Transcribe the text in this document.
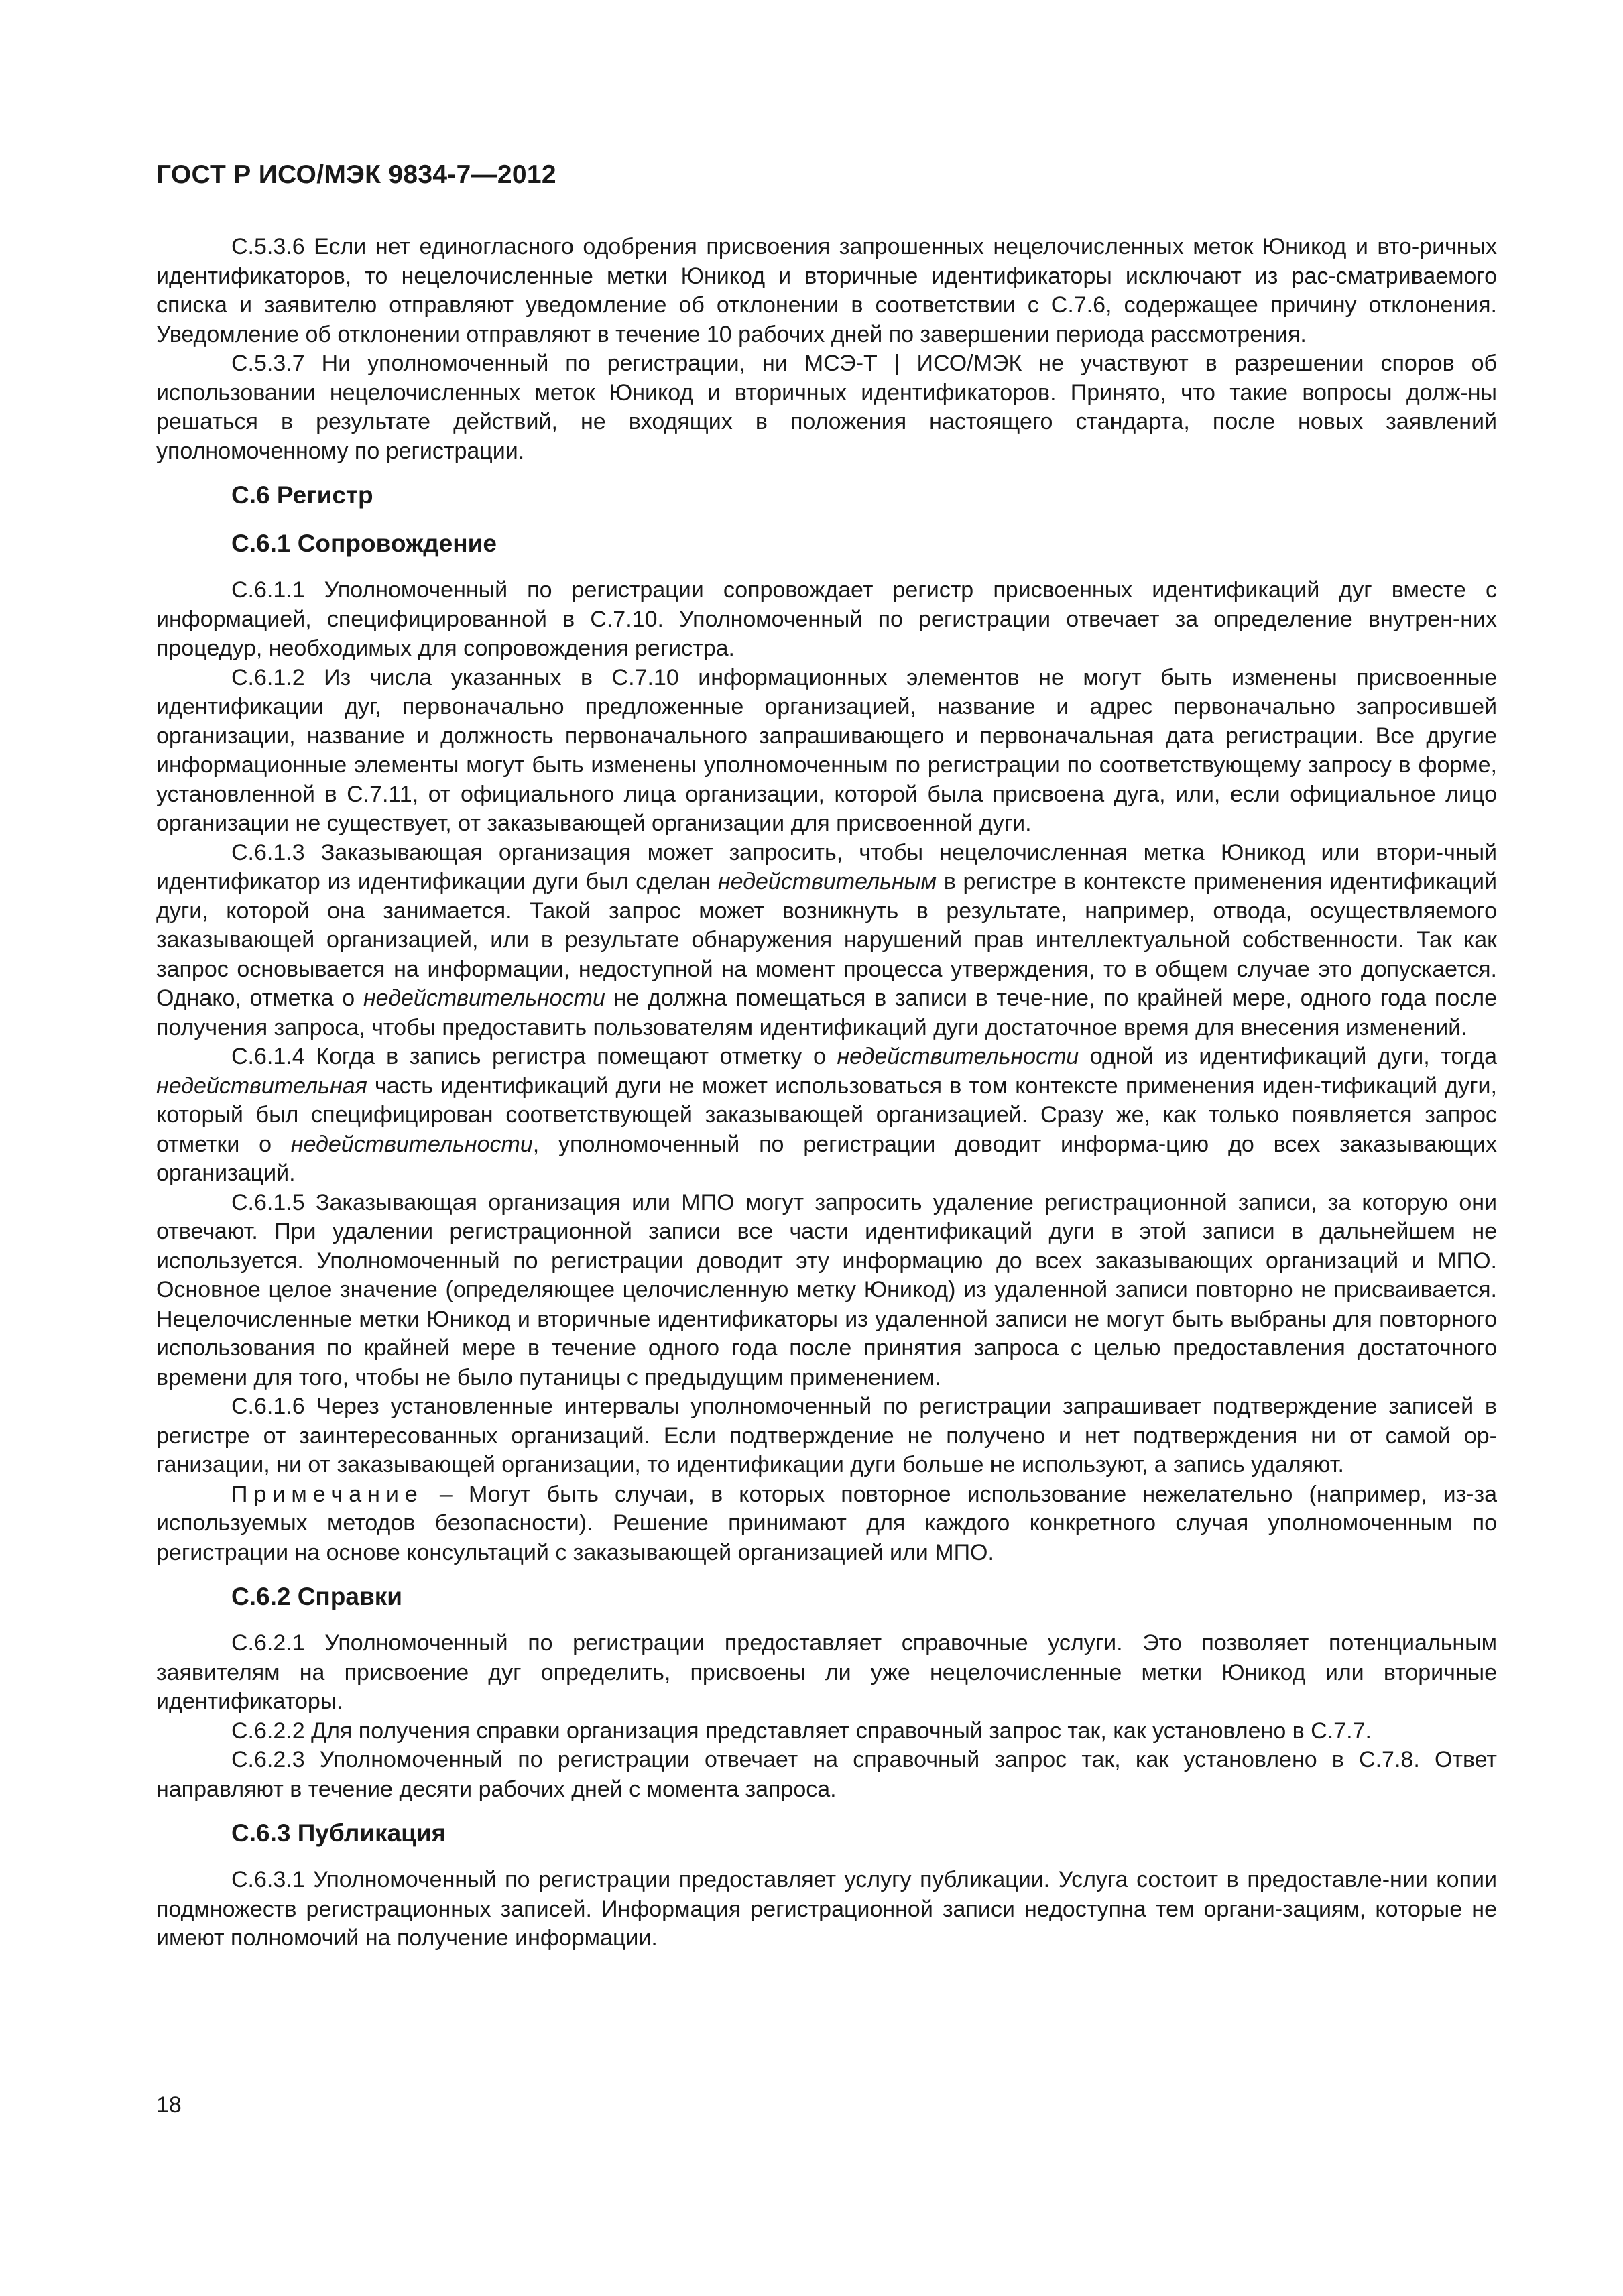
ГОСТ Р ИСО/МЭК 9834-7—2012

С.5.3.6 Если нет единогласного одобрения присвоения запрошенных нецелочисленных меток Юникод и вто-ричных идентификаторов, то нецелочисленные метки Юникод и вторичные идентификаторы исключают из рас-сматриваемого списка и заявителю отправляют уведомление об отклонении в соответствии с С.7.6, содержащее причину отклонения. Уведомление об отклонении отправляют в течение 10 рабочих дней по завершении периода рассмотрения.

С.5.3.7 Ни уполномоченный по регистрации, ни МСЭ-Т | ИСО/МЭК не участвуют в разрешении споров об использовании нецелочисленных меток Юникод и вторичных идентификаторов. Принято, что такие вопросы долж-ны решаться в результате действий, не входящих в положения настоящего стандарта, после новых заявлений уполномоченному по регистрации.

С.6 Регистр
С.6.1 Сопровождение

С.6.1.1 Уполномоченный по регистрации сопровождает регистр присвоенных идентификаций дуг вместе с информацией, специфицированной в С.7.10. Уполномоченный по регистрации отвечает за определение внутрен-них процедур, необходимых для сопровождения регистра.

С.6.1.2 Из числа указанных в С.7.10 информационных элементов не могут быть изменены присвоенные идентификации дуг, первоначально предложенные организацией, название и адрес первоначально запросившей организации, название и должность первоначального запрашивающего и первоначальная дата регистрации. Все другие информационные элементы могут быть изменены уполномоченным по регистрации по соответствующему запросу в форме, установленной в С.7.11, от официального лица организации, которой была присвоена дуга, или, если официальное лицо организации не существует, от заказывающей организации для присвоенной дуги.

С.6.1.3 Заказывающая организация может запросить, чтобы нецелочисленная метка Юникод или втори-чный идентификатор из идентификации дуги был сделан недействительным в регистре в контексте применения идентификаций дуги, которой она занимается. Такой запрос может возникнуть в результате, например, отвода, осуществляемого заказывающей организацией, или в результате обнаружения нарушений прав интеллектуальной собственности. Так как запрос основывается на информации, недоступной на момент процесса утверждения, то в общем случае это допускается. Однако, отметка о недействительности не должна помещаться в записи в тече-ние, по крайней мере, одного года после получения запроса, чтобы предоставить пользователям идентификаций дуги достаточное время для внесения изменений.

С.6.1.4 Когда в запись регистра помещают отметку о недействительности одной из идентификаций дуги, тогда недействительная часть идентификаций дуги не может использоваться в том контексте применения иден-тификаций дуги, который был специфицирован соответствующей заказывающей организацией. Сразу же, как только появляется запрос отметки о недействительности, уполномоченный по регистрации доводит информа-цию до всех заказывающих организаций.

С.6.1.5 Заказывающая организация или МПО могут запросить удаление регистрационной записи, за которую они отвечают. При удалении регистрационной записи все части идентификаций дуги в этой записи в дальнейшем не используется. Уполномоченный по регистрации доводит эту информацию до всех заказывающих организаций и МПО. Основное целое значение (определяющее целочисленную метку Юникод) из удаленной записи повторно не присваивается. Нецелочисленные метки Юникод и вторичные идентификаторы из удаленной записи не могут быть выбраны для повторного использования по крайней мере в течение одного года после принятия запроса с целью предоставления достаточного времени для того, чтобы не было путаницы с предыдущим применением.

С.6.1.6 Через установленные интервалы уполномоченный по регистрации запрашивает подтверждение записей в регистре от заинтересованных организаций. Если подтверждение не получено и нет подтверждения ни от самой ор-ганизации, ни от заказывающей организации, то идентификации дуги больше не используют, а запись удаляют.

Примечание – Могут быть случаи, в которых повторное использование нежелательно (например, из-за используемых методов безопасности). Решение принимают для каждого конкретного случая уполномоченным по регистрации на основе консультаций с заказывающей организацией или МПО.

С.6.2 Справки

С.6.2.1 Уполномоченный по регистрации предоставляет справочные услуги. Это позволяет потенциальным заявителям на присвоение дуг определить, присвоены ли уже нецелочисленные метки Юникод или вторичные идентификаторы.

С.6.2.2 Для получения справки организация представляет справочный запрос так, как установлено в С.7.7.

С.6.2.3 Уполномоченный по регистрации отвечает на справочный запрос так, как установлено в С.7.8. Ответ направляют в течение десяти рабочих дней с момента запроса.

С.6.3 Публикация

С.6.3.1 Уполномоченный по регистрации предоставляет услугу публикации. Услуга состоит в предоставле-нии копии подмножеств регистрационных записей. Информация регистрационной записи недоступна тем органи-зациям, которые не имеют полномочий на получение информации.

18
